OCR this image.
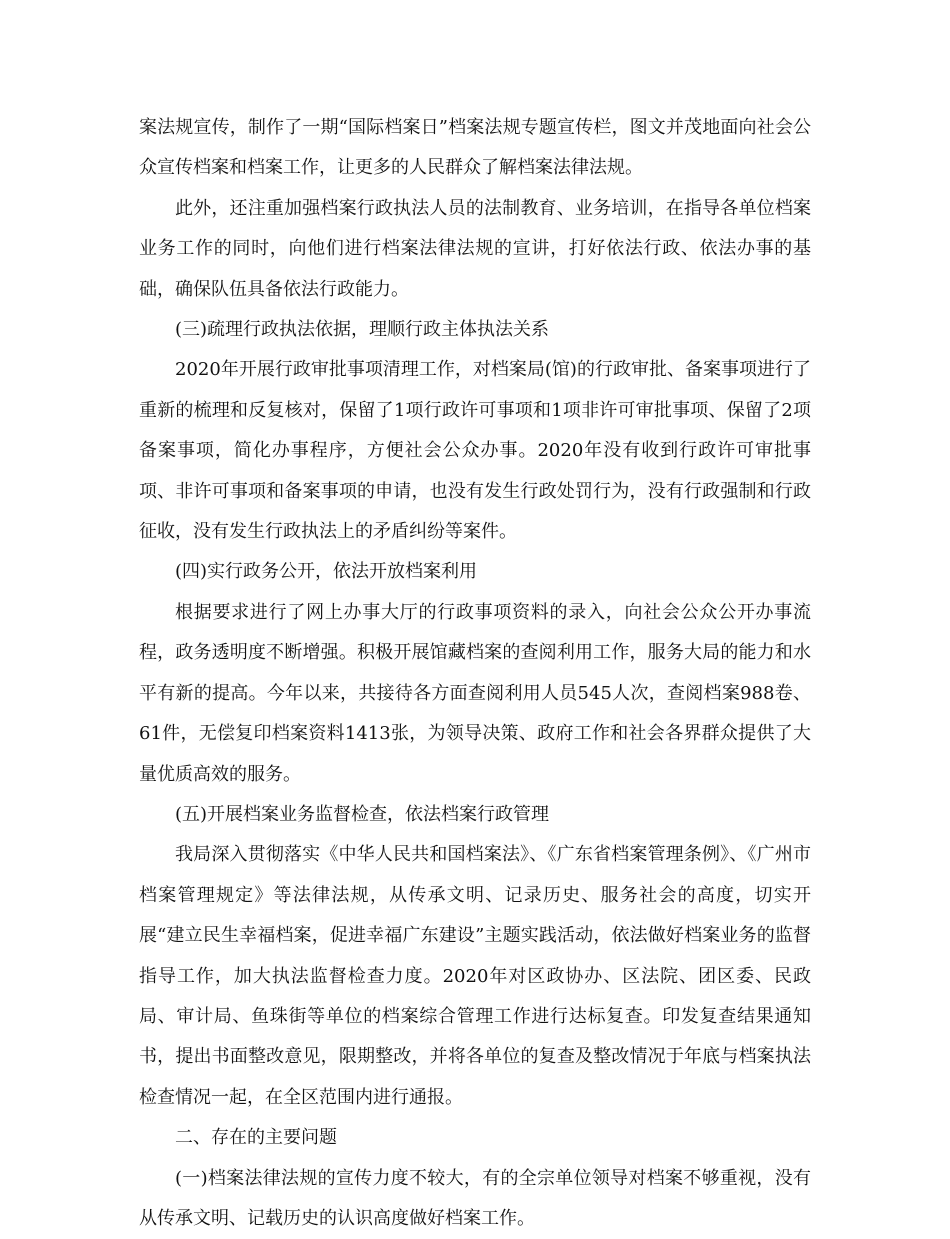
案法规宣传，制作了一期“国际档案日”档案法规专题宣传栏，图文并茂地面向社会公众宣传档案和档案工作，让更多的人民群众了解档案法律法规。

此外，还注重加强档案行政执法人员的法制教育、业务培训，在指导各单位档案业务工作的同时，向他们进行档案法律法规的宣讲，打好依法行政、依法办事的基础，确保队伍具备依法行政能力。

(三)疏理行政执法依据，理顺行政主体执法关系

2020年开展行政审批事项清理工作，对档案局(馆)的行政审批、备案事项进行了重新的梳理和反复核对，保留了1项行政许可事项和1项非许可审批事项、保留了2项备案事项，简化办事程序，方便社会公众办事。2020年没有收到行政许可审批事项、非许可事项和备案事项的申请，也没有发生行政处罚行为，没有行政强制和行政征收，没有发生行政执法上的矛盾纠纷等案件。

(四)实行政务公开，依法开放档案利用

根据要求进行了网上办事大厅的行政事项资料的录入，向社会公众公开办事流程，政务透明度不断增强。积极开展馆藏档案的查阅利用工作，服务大局的能力和水平有新的提高。今年以来，共接待各方面查阅利用人员545人次，查阅档案988卷、61件，无偿复印档案资料1413张，为领导决策、政府工作和社会各界群众提供了大量优质高效的服务。

(五)开展档案业务监督检查，依法档案行政管理

我局深入贯彻落实《中华人民共和国档案法》、《广东省档案管理条例》、《广州市档案管理规定》等法律法规，从传承文明、记录历史、服务社会的高度，切实开展“建立民生幸福档案，促进幸福广东建设”主题实践活动，依法做好档案业务的监督指导工作，加大执法监督检查力度。2020年对区政协办、区法院、团区委、民政局、审计局、鱼珠街等单位的档案综合管理工作进行达标复查。印发复查结果通知书，提出书面整改意见，限期整改，并将各单位的复查及整改情况于年底与档案执法检查情况一起，在全区范围内进行通报。

二、存在的主要问题

(一)档案法律法规的宣传力度不较大，有的全宗单位领导对档案不够重视，没有从传承文明、记载历史的认识高度做好档案工作。
